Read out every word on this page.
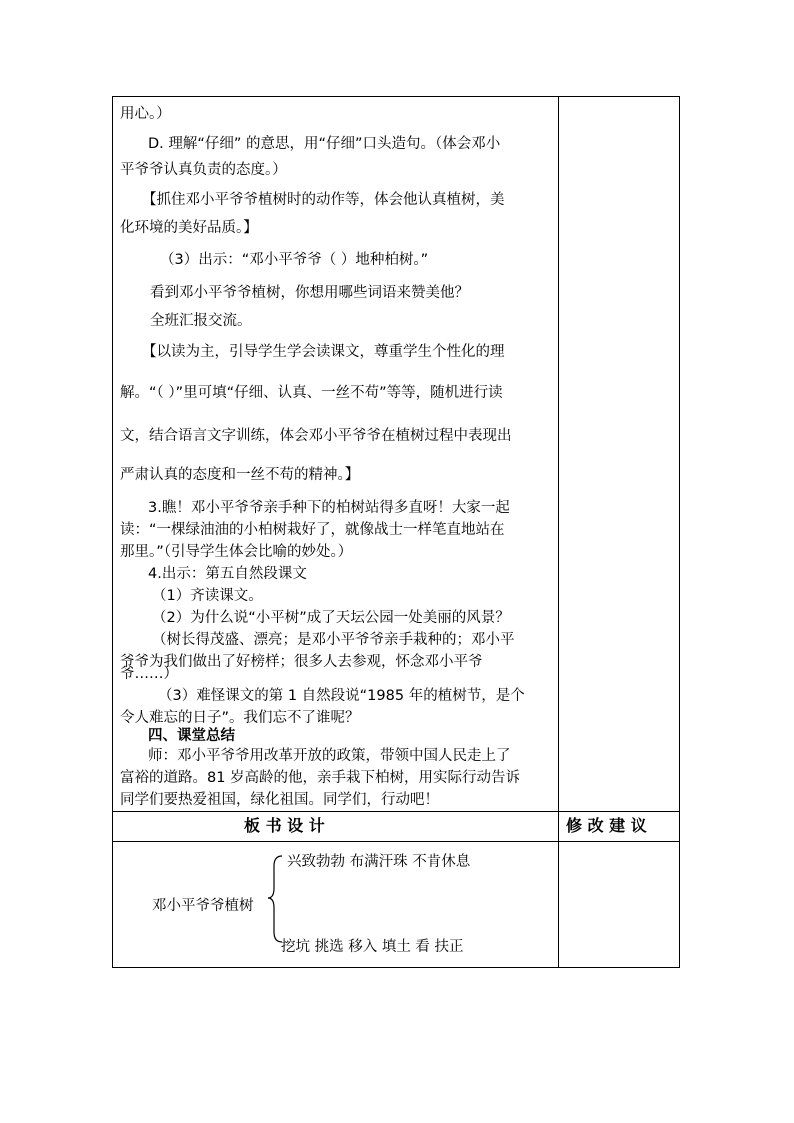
用心。）
D. 理解“仔细” 的意思，用“仔细”口头造句。（体会邓小
平爷爷认真负责的态度。）
【抓住邓小平爷爷植树时的动作等，体会他认真植树，美
化环境的美好品质。】
（3）出示：“邓小平爷爷（ ）地种柏树。”
看到邓小平爷爷植树，你想用哪些词语来赞美他？
全班汇报交流。
【以读为主，引导学生学会读课文，尊重学生个性化的理
解。“（ ）”里可填“仔细、认真、一丝不苟”等等，随机进行读
文，结合语言文字训练，体会邓小平爷爷在植树过程中表现出
严肃认真的态度和一丝不苟的精神。】
3.瞧！邓小平爷爷亲手种下的柏树站得多直呀！大家一起
读：“一棵绿油油的小柏树栽好了，就像战士一样笔直地站在
那里。”（引导学生体会比喻的妙处。）
4.出示：第五自然段课文
（1）齐读课文。
（2）为什么说“小平树”成了天坛公园一处美丽的风景？
（树长得茂盛、漂亮；是邓小平爷爷亲手栽种的；邓小平
爷爷为我们做出了好榜样；很多人去参观，怀念邓小平爷
爷……）
（3）难怪课文的第 1 自然段说“1985 年的植树节，是个
令人难忘的日子”。我们忘不了谁呢？
四、课堂总结
师：邓小平爷爷用改革开放的政策，带领中国人民走上了
富裕的道路。81 岁高龄的他，亲手栽下柏树，用实际行动告诉
同学们要热爱祖国，绿化祖国。同学们，行动吧！
板 书 设 计	修 改 建 议
兴致勃勃 布满汗珠 不肯休息
邓小平爷爷植树
挖坑 挑选 移入 填土 看 扶正
